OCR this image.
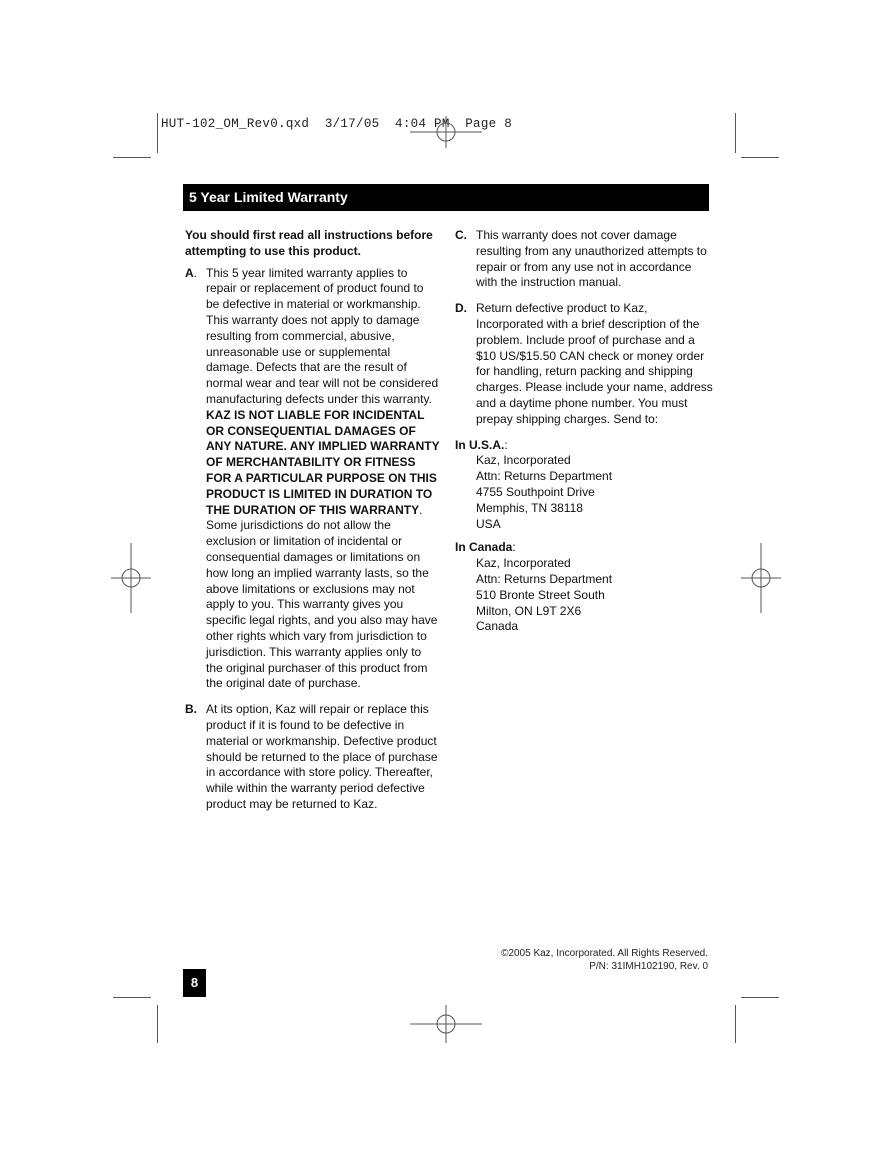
HUT-102_OM_Rev0.qxd  3/17/05  4:04 PM  Page 8
5 Year Limited Warranty

You should first read all instructions before attempting to use this product.

A. This 5 year limited warranty applies to repair or replacement of product found to be defective in material or workmanship. This warranty does not apply to damage resulting from commercial, abusive, unreasonable use or supplemental damage. Defects that are the result of normal wear and tear will not be considered manufacturing defects under this warranty. KAZ IS NOT LIABLE FOR INCIDENTAL OR CONSEQUENTIAL DAMAGES OF ANY NATURE. ANY IMPLIED WARRANTY OF MERCHANTABILITY OR FITNESS FOR A PARTICULAR PURPOSE ON THIS PRODUCT IS LIMITED IN DURATION TO THE DURATION OF THIS WARRANTY. Some jurisdictions do not allow the exclusion or limitation of incidental or consequential damages or limitations on how long an implied warranty lasts, so the above limitations or exclusions may not apply to you. This warranty gives you specific legal rights, and you also may have other rights which vary from jurisdiction to jurisdiction. This warranty applies only to the original purchaser of this product from the original date of purchase.
B. At its option, Kaz will repair or replace this product if it is found to be defective in material or workmanship. Defective product should be returned to the place of purchase in accordance with store policy. Thereafter, while within the warranty period defective product may be returned to Kaz.
C. This warranty does not cover damage resulting from any unauthorized attempts to repair or from any use not in accordance with the instruction manual.
D. Return defective product to Kaz, Incorporated with a brief description of the problem. Include proof of purchase and a $10 US/$15.50 CAN check or money order for handling, return packing and shipping charges. Please include your name, address and a daytime phone number. You must prepay shipping charges. Send to:
In U.S.A.:
Kaz, Incorporated
Attn: Returns Department
4755 Southpoint Drive
Memphis, TN 38118
USA
In Canada:
Kaz, Incorporated
Attn: Returns Department
510 Bronte Street South
Milton, ON L9T 2X6
Canada
©2005 Kaz, Incorporated. All Rights Reserved.
P/N: 31IMH102190, Rev. 0
8
